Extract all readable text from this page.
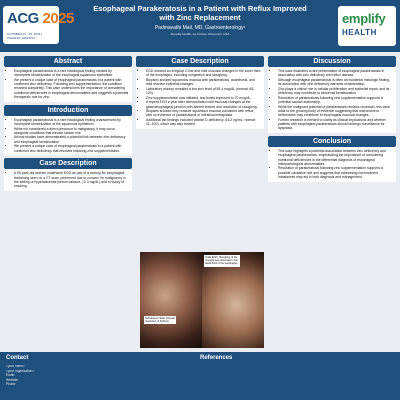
ACG 2025
OCTOBER 24 - 29, 2025 | PHOENIX, ARIZONA
Esophageal Parakeratosis in a Patient with Reflux Improved with Zinc Replacement
Padmavathi Mali, MD, Gastroenterology¹
¹Emplify Health, La Crosse, Wisconsin, USA
emplify
HEALTH
Abstract
• Esophageal parakeratosis is a rare histological finding marked by incomplete keratinization of the esophageal squamous epithelium.
• We present a unique case of esophageal parakeratosis in a patient with confirmed zinc deficiency. Following zinc supplementation, the condition resolved completely. This case underscores the importance of considering nutritional deficiencies in esophageal abnormalities and suggests a potential therapeutic role for zinc.
Introduction
• Esophageal parakeratosis is a rare histological finding characterized by incomplete keratinization of the squamous epithelium.
• While not considered a direct precursor to malignancy, it may occur alongside conditions that elevate cancer risk
• Animal studies have demonstrated a potential link between zinc deficiency and esophageal keratinization.
• We present a unique case of esophageal parakeratosis in a patient with confirmed zinc deficiency that resolved following zinc supplementation.
Case Description
• A 59-year-old women underwent EGD as part of a workup for esophageal thickening seen on a CT scan, performed due to concern for malignancy in the setting of hypercalcemia (serum calcium, 12.3 mg/dL) and a history of smoking.
Case Description
• EGD showed an irregular Z-line and mild mucosal changes in the lower third of the esophagus, including congestion and sloughing.
• Biopsies showed squamous mucosa with parakeratosis, acanthosis, and mild reactive epithelial changes.
• Laboratory workup revealed a low zinc level of 58.4 mcg/dL (normal: 60–120).
• Zinc supplementation was initiated, and levels improved to 70 mcg/dL.
• A repeat EGD a year later demonstrated mild mucosal changes at the gastroesophageal junction with altered texture and resolution of sloughing.
• Biopsies showed only reactive squamous mucosa consistent with reflux, with no evidence of parakeratosis or intestinal metaplasia.
• Additional lab findings included vitamin D deficiency (16.2 ng/mL; normal: 31–100), which was also treated.
Initial EGD: Sloughing of the mucosa was observed in the distal third of the esophagus
Subsequent EGD showed resolution of findings
Discussion
• This case illustrates a rare presentation of esophageal parakeratosis in association with zinc deficiency and reflux disease.
• Although esophageal parakeratosis is often an incidental histologic finding, its association with zinc deficiency warrants consideration.
• Zinc plays a critical role in cellular proliferation and epithelial repair, and its deficiency may contribute to abnormal keratinization.
• Resolution of parakeratosis following zinc supplementation supports a potential causal relationship.
• While the malignant potential of parakeratosis remains uncertain, this case adds to the growing body of evidence suggesting that micronutrient deficiencies may contribute to esophageal mucosal changes.
• Further research is needed to clarify its clinical implications and whether patients with esophageal parakeratosis should undergo surveillance for dysplasia.
Conclusion
• This case highlights a potential association between zinc deficiency and esophageal parakeratosis, emphasizing the importance of considering nutritional deficiencies in the differential diagnosis of esophageal histopathological abnormalities.
• Resolution of parakeratosis following zinc supplementation supports a possible causative role and suggests that addressing micronutrient imbalances may aid in both diagnosis and management.
Contact
<your name>
<your organization>
Email:
Website:
Phone:
References
